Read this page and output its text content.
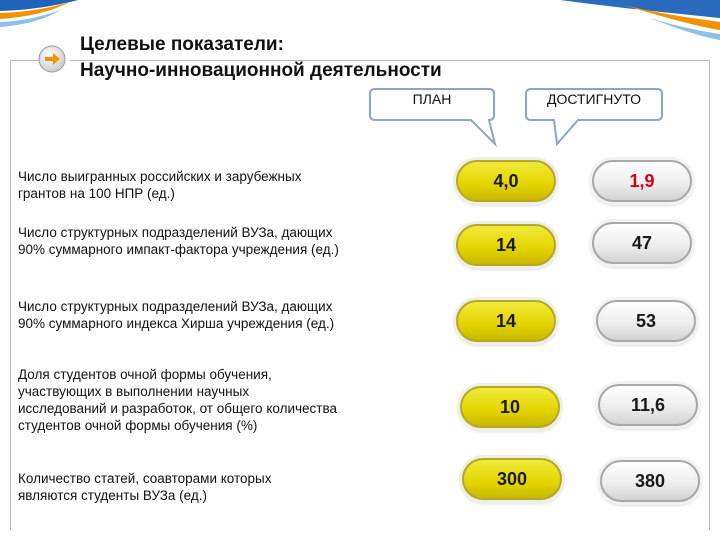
Целевые показатели:
Научно-инновационной деятельности
ПЛАН	ДОСТИГНУТО
Число выигранных российских и зарубежных
грантов на 100 НПР (ед.)
4,0	1,9
Число структурных подразделений ВУЗа, дающих
90% суммарного импакт-фактора учреждения (ед.)	14	47
Число структурных подразделений ВУЗа, дающих
90% суммарного индекса Хирша учреждения (ед.)	14	53
Доля студентов очной формы обучения,
участвующих в выполнении научных
исследований и разработок, от общего количества
студентов очной формы обучения (%)
10	11,6
Количество статей, соавторами которых
являются студенты ВУЗа (ед.)
300	380
